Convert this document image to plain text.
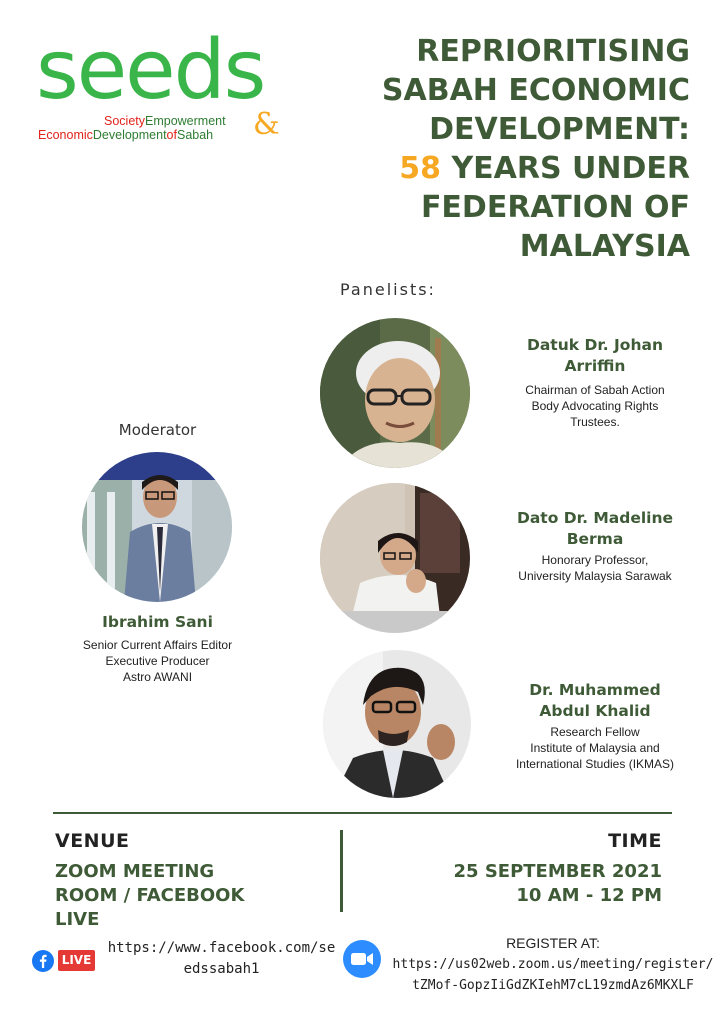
seeds
SocietyEmpowerment
EconomicDevelopmentofSabah &
REPRIORITISING
SABAH ECONOMIC
DEVELOPMENT:
58 YEARS UNDER
FEDERATION OF
MALAYSIA
Panelists:
Datuk Dr. Johan
Arriffin
Chairman of Sabah Action
Body Advocating Rights
Trustees.
Moderator
Ibrahim Sani
Senior Current Affairs Editor
Executive Producer
Astro AWANI
Dato Dr. Madeline
Berma
Honorary Professor,
University Malaysia Sarawak
Dr. Muhammed
Abdul Khalid
Research Fellow
Institute of Malaysia and
International Studies (IKMAS)
VENUE
ZOOM MEETING
ROOM / FACEBOOK
LIVE
TIME
25 SEPTEMBER 2021
10 AM - 12 PM
LIVE
https://www.facebook.com/seedssabah1
REGISTER AT:
https://us02web.zoom.us/meeting/register/
tZMof-GopzIiGdZKIehM7cL19zmdAz6MKXLF
